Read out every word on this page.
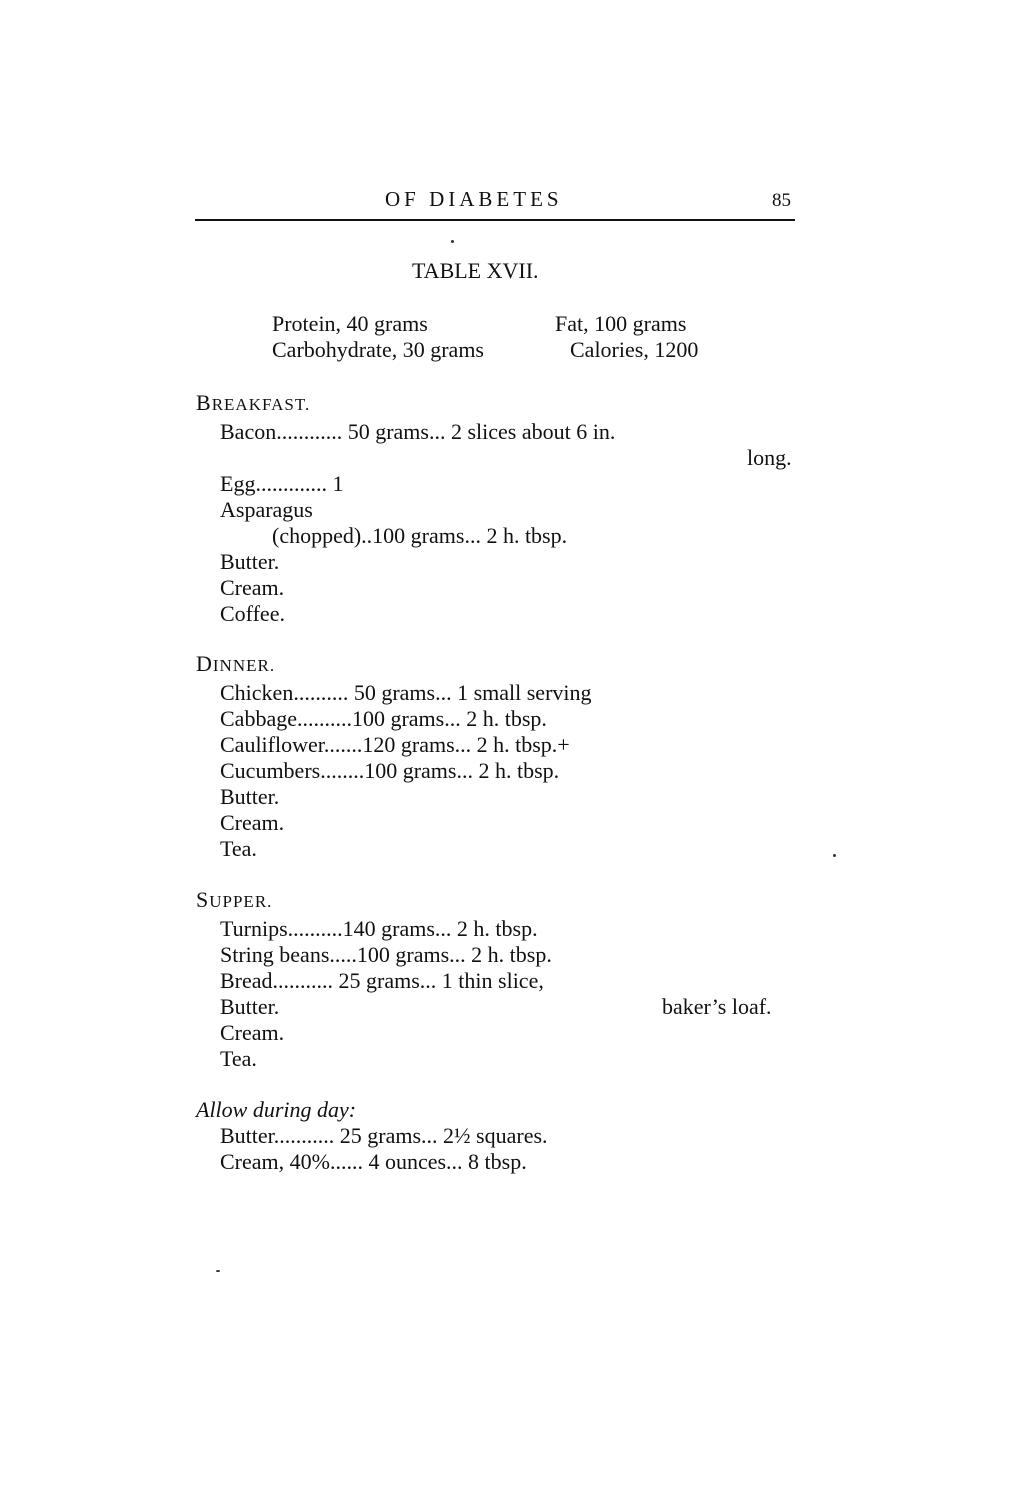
OF DIABETES	85
TABLE XVII.
Protein, 40 grams	Fat, 100 grams
Carbohydrate, 30 grams	Calories, 1200
BREAKFAST.
Bacon............ 50 grams... 2 slices about 6 in.
long.
Egg............. 1
Asparagus
(chopped)..100 grams... 2 h. tbsp.
Butter.
Cream.
Coffee.
DINNER.
Chicken.......... 50 grams... 1 small serving
Cabbage..........100 grams... 2 h. tbsp.
Cauliflower.......120 grams... 2 h. tbsp.+
Cucumbers........100 grams... 2 h. tbsp.
Butter.
Cream.
Tea.
SUPPER.
Turnips..........140 grams... 2 h. tbsp.
String beans.....100 grams... 2 h. tbsp.
Bread........... 25 grams... 1 thin slice,
Butter.	baker’s loaf.
Cream.
Tea.
Allow during day:
Butter........... 25 grams... 2½ squares.
Cream, 40%...... 4 ounces... 8 tbsp.
